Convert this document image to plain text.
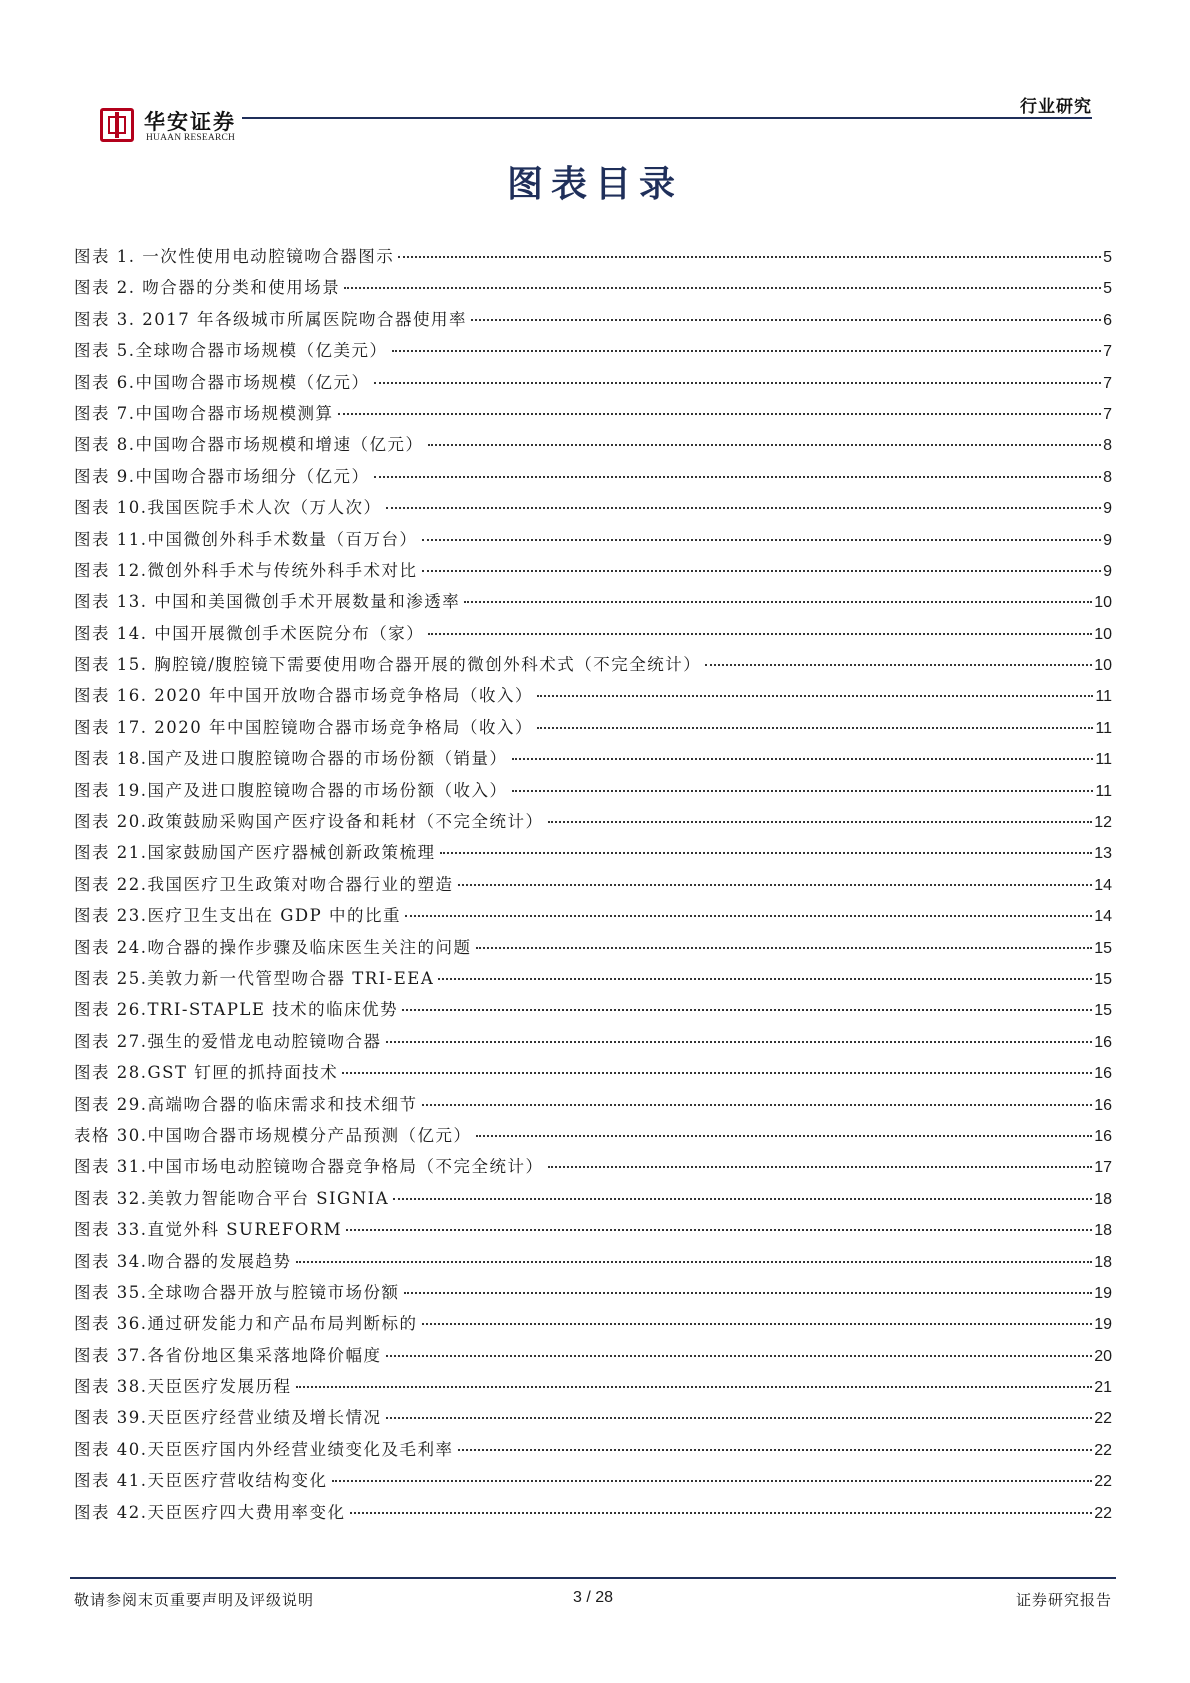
华安证券
HUAAN RESEARCH
行业研究
图表目录
图表 1. 一次性使用电动腔镜吻合器图示	5
图表 2. 吻合器的分类和使用场景	5
图表 3. 2017 年各级城市所属医院吻合器使用率	6
图表 5.全球吻合器市场规模（亿美元）	7
图表 6.中国吻合器市场规模（亿元）	7
图表 7.中国吻合器市场规模测算	7
图表 8.中国吻合器市场规模和增速（亿元）	8
图表 9.中国吻合器市场细分（亿元）	8
图表 10.我国医院手术人次（万人次）	9
图表 11.中国微创外科手术数量（百万台）	9
图表 12.微创外科手术与传统外科手术对比	9
图表 13. 中国和美国微创手术开展数量和渗透率	10
图表 14. 中国开展微创手术医院分布（家）	10
图表 15. 胸腔镜/腹腔镜下需要使用吻合器开展的微创外科术式（不完全统计）	10
图表 16. 2020 年中国开放吻合器市场竞争格局（收入）	11
图表 17. 2020 年中国腔镜吻合器市场竞争格局（收入）	11
图表 18.国产及进口腹腔镜吻合器的市场份额（销量）	11
图表 19.国产及进口腹腔镜吻合器的市场份额（收入）	11
图表 20.政策鼓励采购国产医疗设备和耗材（不完全统计）	12
图表 21.国家鼓励国产医疗器械创新政策梳理	13
图表 22.我国医疗卫生政策对吻合器行业的塑造	14
图表 23.医疗卫生支出在 GDP 中的比重	14
图表 24.吻合器的操作步骤及临床医生关注的问题	15
图表 25.美敦力新一代管型吻合器 TRI-EEA	15
图表 26.TRI-STAPLE 技术的临床优势	15
图表 27.强生的爱惜龙电动腔镜吻合器	16
图表 28.GST 钉匣的抓持面技术	16
图表 29.高端吻合器的临床需求和技术细节	16
表格 30.中国吻合器市场规模分产品预测（亿元）	16
图表 31.中国市场电动腔镜吻合器竞争格局（不完全统计）	17
图表 32.美敦力智能吻合平台 SIGNIA	18
图表 33.直觉外科 SUREFORM	18
图表 34.吻合器的发展趋势	18
图表 35.全球吻合器开放与腔镜市场份额	19
图表 36.通过研发能力和产品布局判断标的	19
图表 37.各省份地区集采落地降价幅度	20
图表 38.天臣医疗发展历程	21
图表 39.天臣医疗经营业绩及增长情况	22
图表 40.天臣医疗国内外经营业绩变化及毛利率	22
图表 41.天臣医疗营收结构变化	22
图表 42.天臣医疗四大费用率变化	22
敬请参阅末页重要声明及评级说明	3 / 28	证券研究报告
